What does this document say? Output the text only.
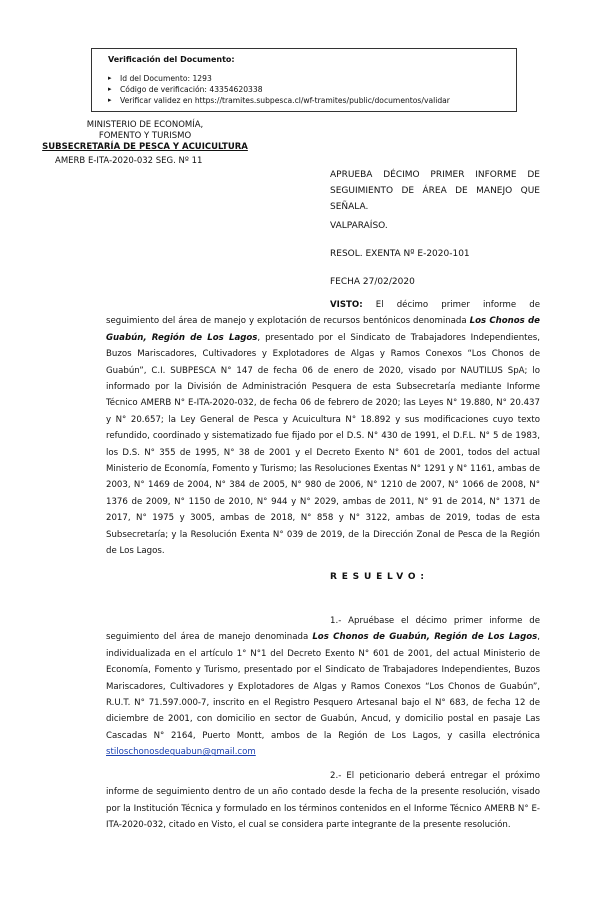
Verificación del Documento:
▸ Id del Documento: 1293
▸ Código de verificación: 43354620338
▸ Verificar validez en https://tramites.subpesca.cl/wf-tramites/public/documentos/validar
MINISTERIO DE ECONOMÍA,
FOMENTO Y TURISMO
SUBSECRETARÍA DE PESCA Y ACUICULTURA
AMERB E-ITA-2020-032 SEG. Nº 11
APRUEBA DÉCIMO PRIMER INFORME DE SEGUIMIENTO DE ÁREA DE MANEJO QUE SEÑALA.
VALPARAÍSO.
RESOL. EXENTA Nº E-2020-101
FECHA 27/02/2020
VISTO: El décimo primer informe de seguimiento del área de manejo y explotación de recursos bentónicos denominada Los Chonos de Guabún, Región de Los Lagos, presentado por el Sindicato de Trabajadores Independientes, Buzos Mariscadores, Cultivadores y Explotadores de Algas y Ramos Conexos “Los Chonos de Guabún”, C.I. SUBPESCA N° 147 de fecha 06 de enero de 2020, visado por NAUTILUS SpA; lo informado por la División de Administración Pesquera de esta Subsecretaría mediante Informe Técnico AMERB N° E-ITA-2020-032, de fecha 06 de febrero de 2020; las Leyes N° 19.880, N° 20.437 y N° 20.657; la Ley General de Pesca y Acuicultura N° 18.892 y sus modificaciones cuyo texto refundido, coordinado y sistematizado fue fijado por el D.S. N° 430 de 1991, el D.F.L. N° 5 de 1983, los D.S. N° 355 de 1995, N° 38 de 2001 y el Decreto Exento N° 601 de 2001, todos del actual Ministerio de Economía, Fomento y Turismo; las Resoluciones Exentas N° 1291 y N° 1161, ambas de 2003, N° 1469 de 2004, N° 384 de 2005, N° 980 de 2006, N° 1210 de 2007, N° 1066 de 2008, N° 1376 de 2009, N° 1150 de 2010, N° 944 y N° 2029, ambas de 2011, N° 91 de 2014, N° 1371 de 2017, N° 1975 y 3005, ambas de 2018, N° 858 y N° 3122, ambas de 2019, todas de esta Subsecretaría; y la Resolución Exenta N° 039 de 2019, de la Dirección Zonal de Pesca de la Región de Los Lagos.
RESUELVO:
1.- Apruébase el décimo primer informe de seguimiento del área de manejo denominada Los Chonos de Guabún, Región de Los Lagos, individualizada en el artículo 1° N°1 del Decreto Exento N° 601 de 2001, del actual Ministerio de Economía, Fomento y Turismo, presentado por el Sindicato de Trabajadores Independientes, Buzos Mariscadores, Cultivadores y Explotadores de Algas y Ramos Conexos “Los Chonos de Guabún”, R.U.T. N° 71.597.000-7, inscrito en el Registro Pesquero Artesanal bajo el N° 683, de fecha 12 de diciembre de 2001, con domicilio en sector de Guabún, Ancud, y domicilio postal en pasaje Las Cascadas N° 2164, Puerto Montt, ambos de la Región de Los Lagos, y casilla electrónica stiloschonosdeguabun@gmail.com
2.- El peticionario deberá entregar el próximo informe de seguimiento dentro de un año contado desde la fecha de la presente resolución, visado por la Institución Técnica y formulado en los términos contenidos en el Informe Técnico AMERB N° E-ITA-2020-032, citado en Visto, el cual se considera parte integrante de la presente resolución.
